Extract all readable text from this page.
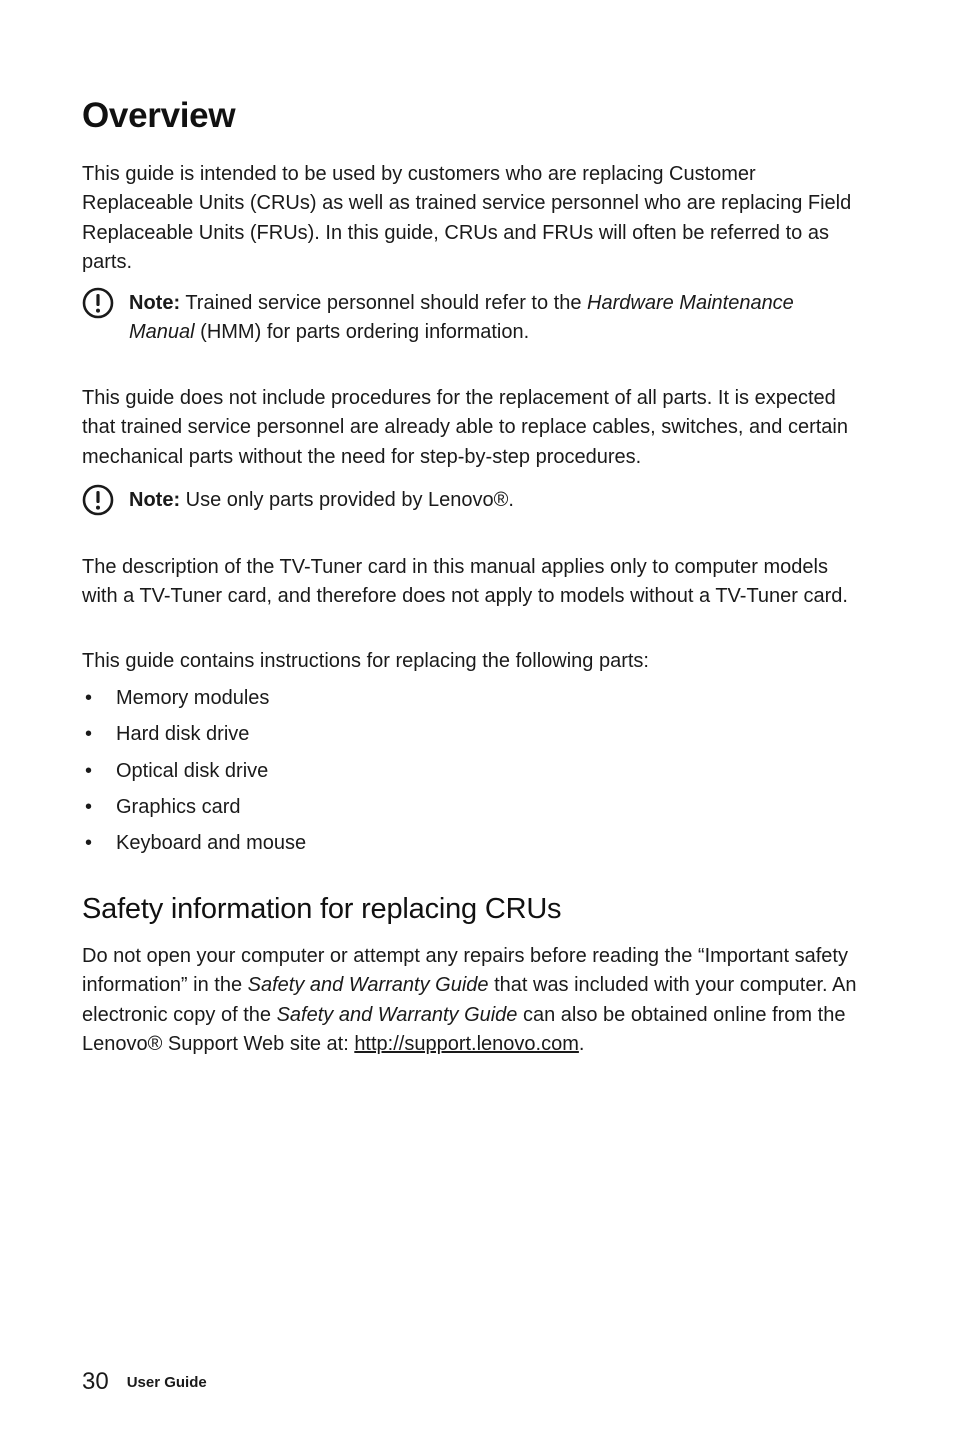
Overview

This guide is intended to be used by customers who are replacing Customer Replaceable Units (CRUs) as well as trained service personnel who are replacing Field Replaceable Units (FRUs). In this guide, CRUs and FRUs will often be referred to as parts.

Note: Trained service personnel should refer to the Hardware Maintenance Manual (HMM) for parts ordering information.

This guide does not include procedures for the replacement of all parts. It is expected that trained service personnel are already able to replace cables, switches, and certain mechanical parts without the need for step-by-step procedures.

Note: Use only parts provided by Lenovo®.

The description of the TV-Tuner card in this manual applies only to computer models with a TV-Tuner card, and therefore does not apply to models without a TV-Tuner card.

This guide contains instructions for replacing the following parts:

• Memory modules
• Hard disk drive
• Optical disk drive
• Graphics card
• Keyboard and mouse
Safety information for replacing CRUs

Do not open your computer or attempt any repairs before reading the “Important safety information” in the Safety and Warranty Guide that was included with your computer. An electronic copy of the Safety and Warranty Guide can also be obtained online from the Lenovo® Support Web site at: http://support.lenovo.com.

30 User Guide
